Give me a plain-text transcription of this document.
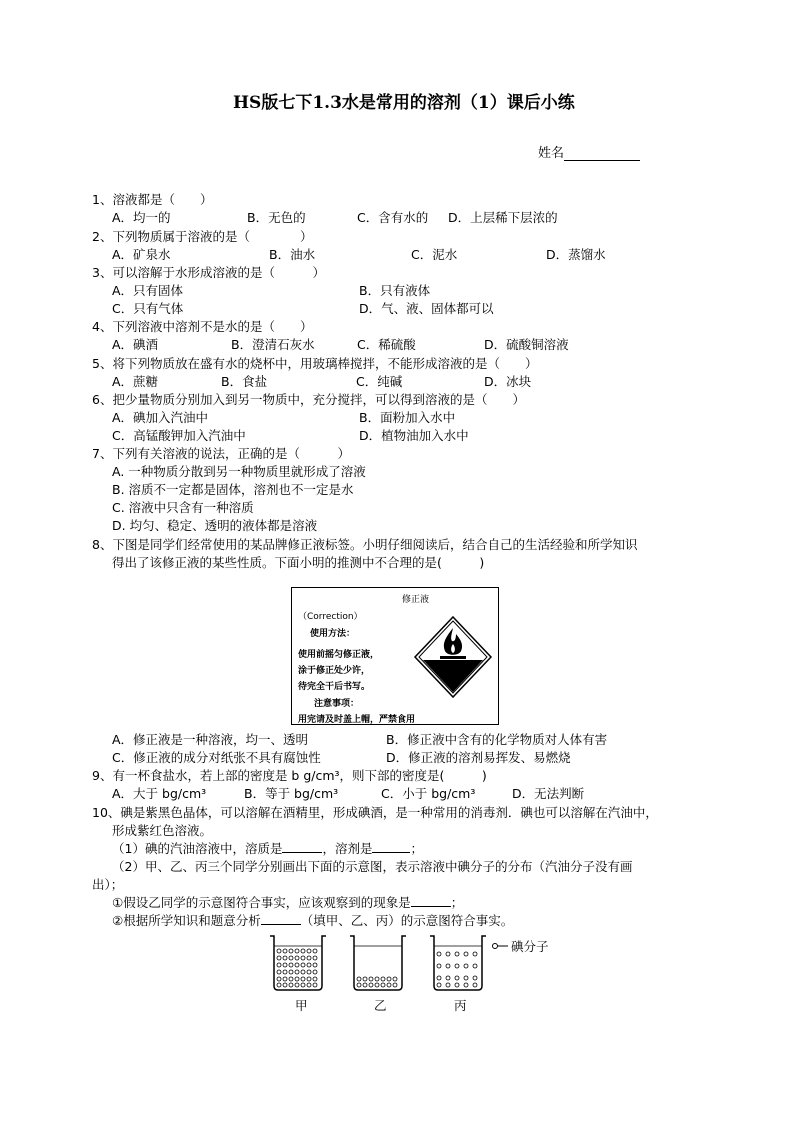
HS版七下1.3水是常用的溶剂（1）课后小练
姓名
1、溶液都是（　　）
A．均一的	B．无色的	C．含有水的 D．上层稀下层浓的
2、下列物质属于溶液的是（　　　　）
A．矿泉水	B．油水	C．泥水	D．蒸馏水
3、可以溶解于水形成溶液的是（　　　）
A．只有固体	B．只有液体
C．只有气体	D．气、液、固体都可以
4、下列溶液中溶剂不是水的是（　　）
A．碘酒	B．澄清石灰水	C．稀硫酸	D．硫酸铜溶液
5、将下列物质放在盛有水的烧杯中，用玻璃棒搅拌，不能形成溶液的是（　　）
A．蔗糖	B．食盐	C．纯碱	D．冰块
6、把少量物质分别加入到另一物质中，充分搅拌，可以得到溶液的是（　　）
A．碘加入汽油中	B．面粉加入水中
C．高锰酸钾加入汽油中	D．植物油加入水中
7、下列有关溶液的说法，正确的是（　　　）
A. 一种物质分散到另一种物质里就形成了溶液
B. 溶质不一定都是固体，溶剂也不一定是水
C. 溶液中只含有一种溶质
D. 均匀、稳定、透明的液体都是溶液
8、下图是同学们经常使用的某品牌修正液标签。小明仔细阅读后，结合自己的生活经验和所学知识
得出了该修正液的某些性质。下面小明的推测中不合理的是(　　　)
修正液
（Correction）
使用方法：
使用前摇匀修正液，
涂于修正处少许，
待完全干后书写。
注意事项：
用完请及时盖上帽，严禁食用
A．修正液是一种溶液，均一、透明	B．修正液中含有的化学物质对人体有害
C．修正液的成分对纸张不具有腐蚀性	D．修正液的溶剂易挥发、易燃烧
9、有一杯食盐水，若上部的密度是 b g/cm³，则下部的密度是(　　　)
A．大于 bg/cm³	B．等于 bg/cm³	C．小于 bg/cm³	D．无法判断
10、碘是紫黑色晶体，可以溶解在酒精里，形成碘酒，是一种常用的消毒剂．碘也可以溶解在汽油中，
形成紫红色溶液。
（1）碘的汽油溶液中，溶质是	，溶剂是	；
（2）甲、乙、丙三个同学分别画出下面的示意图，表示溶液中碘分子的分布（汽油分子没有画
出）；
①假设乙同学的示意图符合事实，应该观察到的现象是	；
②根据所学知识和题意分析	（填甲、乙、丙）的示意图符合事实。
碘分子
甲	乙	丙
